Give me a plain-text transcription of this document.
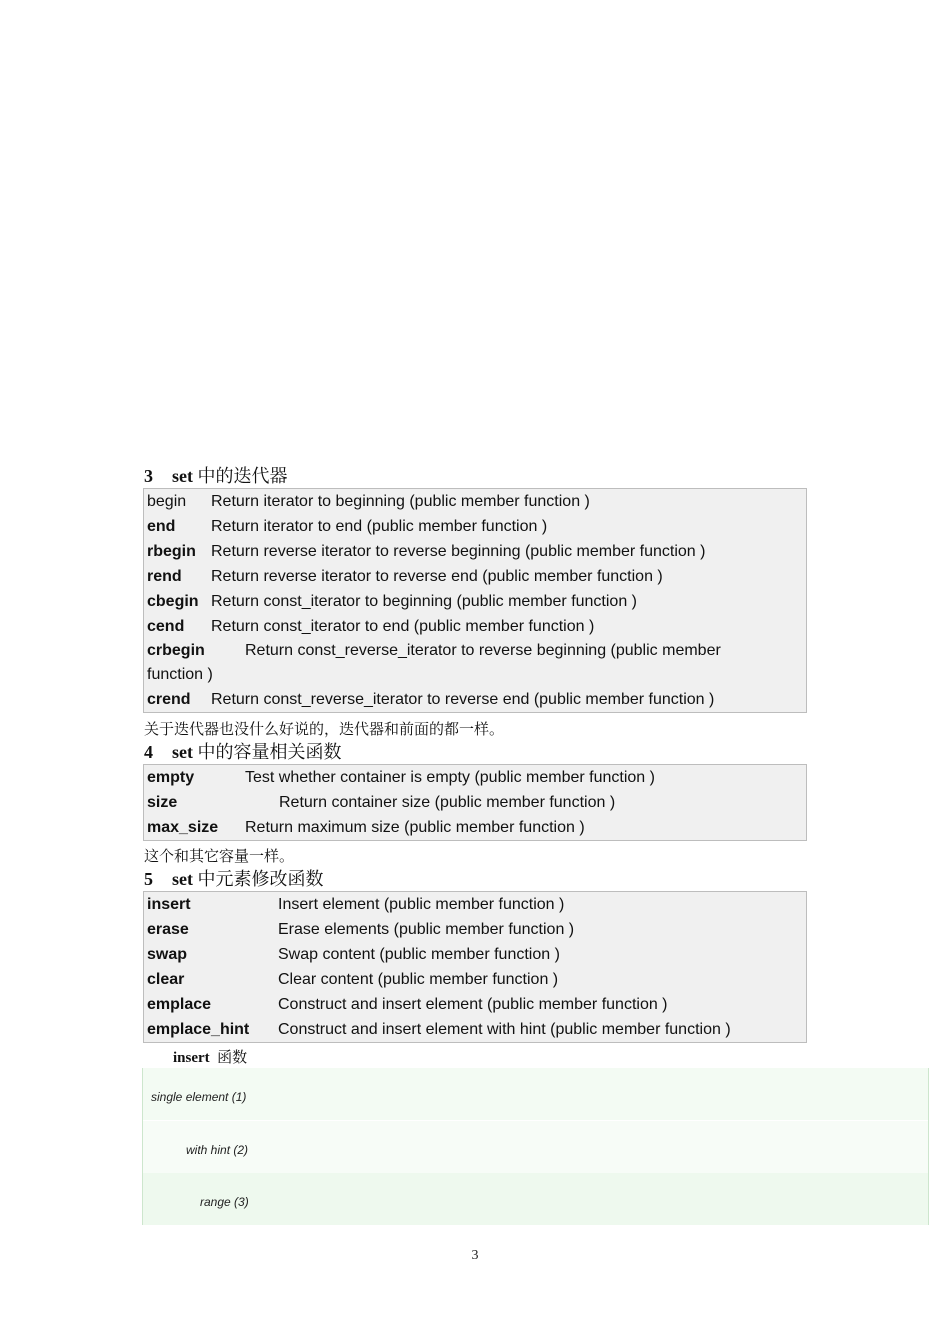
3 set 中的迭代器
begin Return iterator to beginning (public member function )
end Return iterator to end (public member function )
rbegin Return reverse iterator to reverse beginning (public member function )
rend Return reverse iterator to reverse end (public member function )
cbegin Return const_iterator to beginning (public member function )
cend Return const_iterator to end (public member function )
crbegin	Return const_reverse_iterator to reverse beginning (public member
function )
crend Return const_reverse_iterator to reverse end (public member function )
关于迭代器也没什么好说的，迭代器和前面的都一样。
4 set 中的容量相关函数
empty	Test whether container is empty (public member function )
size	Return container size (public member function )
max_size Return maximum size (public member function )
这个和其它容量一样。
5 set 中元素修改函数
insert	Insert element (public member function )
erase	Erase elements (public member function )
swap	Swap content (public member function )
clear	Clear content (public member function )
emplace	Construct and insert element (public member function )
emplace_hint Construct and insert element with hint (public member function )
insert 函数
single element (1)
with hint (2)
range (3)
3
